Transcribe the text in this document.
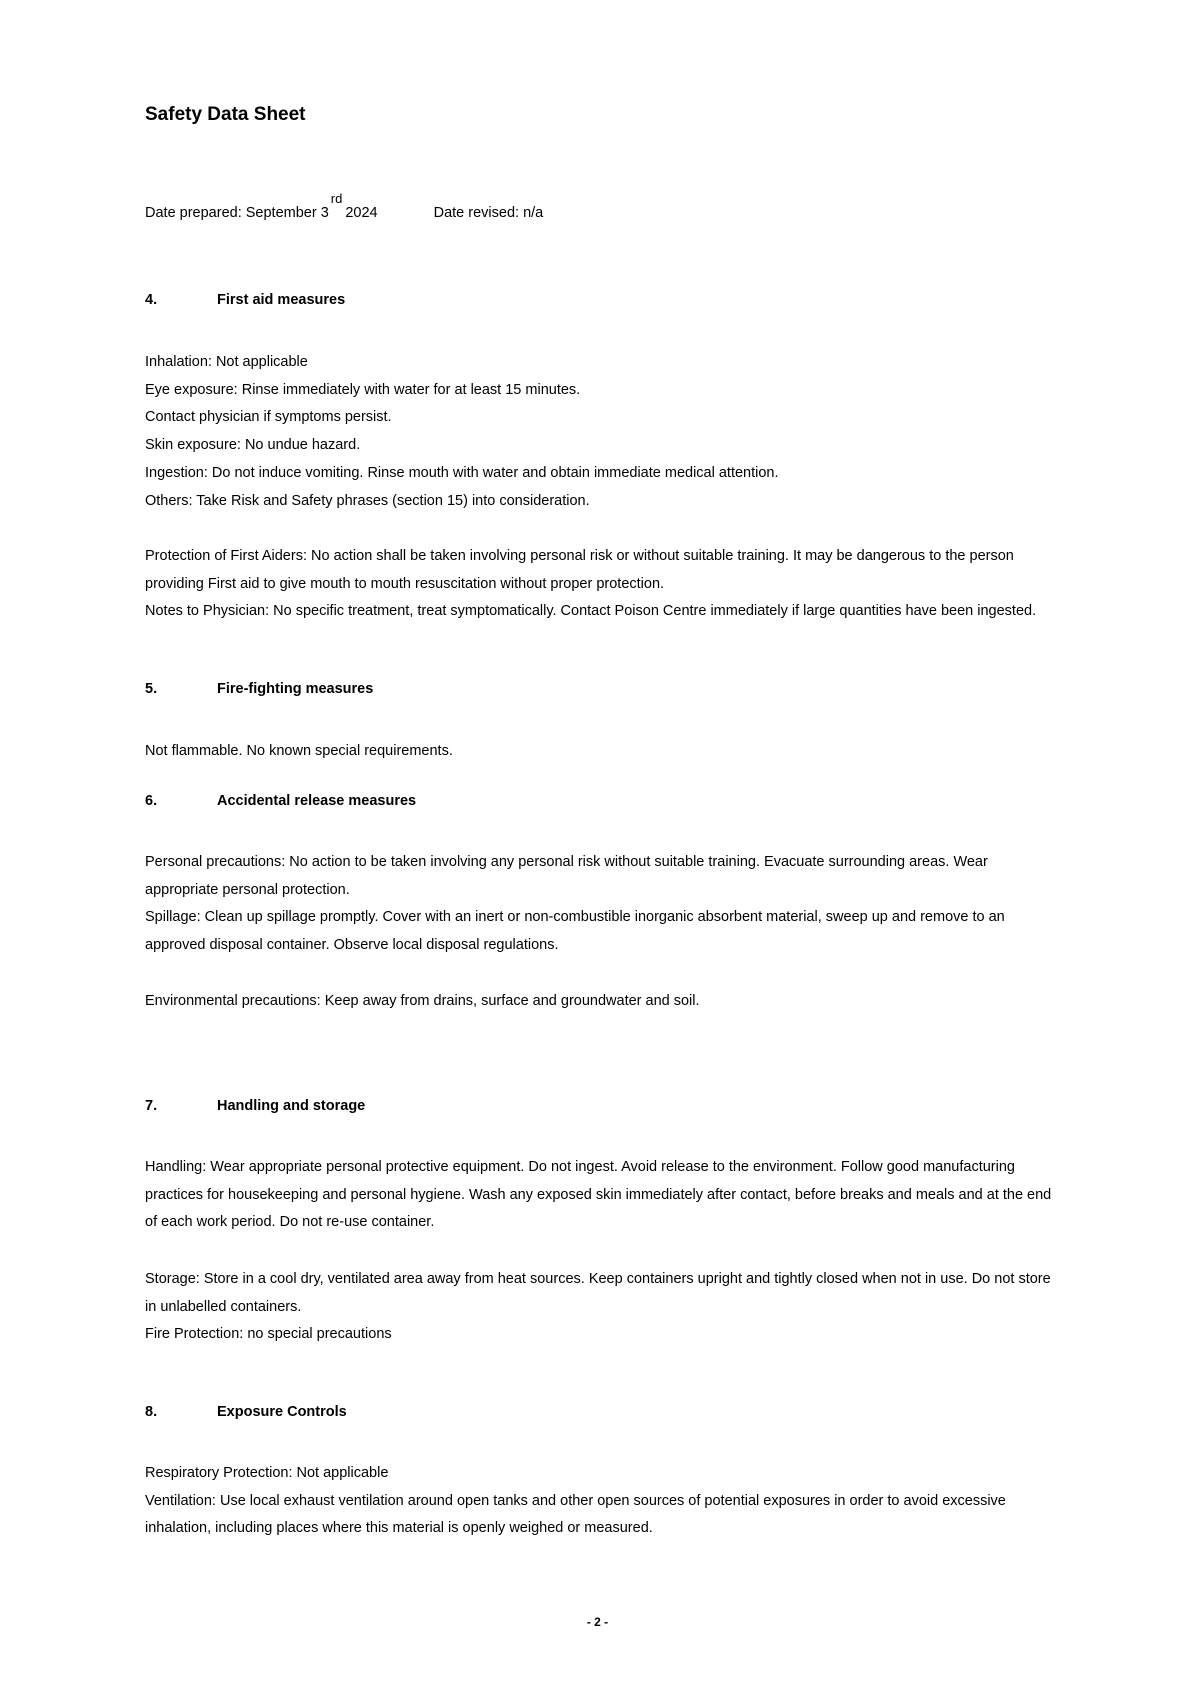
Safety Data Sheet
Date prepared: September 3rd2024	Date revised: n/a
4.	First aid measures

Inhalation: Not applicable

Eye exposure: Rinse immediately with water for at least 15 minutes.

Contact physician if symptoms persist.

Skin exposure: No undue hazard.

Ingestion: Do not induce vomiting. Rinse mouth with water and obtain immediate medical attention.

Others: Take Risk and Safety phrases (section 15) into consideration.

Protection of First Aiders: No action shall be taken involving personal risk or without suitable training. It may be dangerous to the person providing First aid to give mouth to mouth resuscitation without proper protection.

Notes to Physician: No specific treatment, treat symptomatically. Contact Poison Centre immediately if large quantities have been ingested.

5.	Fire-fighting measures

Not flammable. No known special requirements.

6.	Accidental release measures

Personal precautions: No action to be taken involving any personal risk without suitable training. Evacuate surrounding areas. Wear appropriate personal protection.

Spillage: Clean up spillage promptly. Cover with an inert or non-combustible inorganic absorbent material, sweep up and remove to an approved disposal container. Observe local disposal regulations.

Environmental precautions: Keep away from drains, surface and groundwater and soil.

7.	Handling and storage

Handling: Wear appropriate personal protective equipment. Do not ingest. Avoid release to the environment. Follow good manufacturing practices for housekeeping and personal hygiene. Wash any exposed skin immediately after contact, before breaks and meals and at the end of each work period. Do not re-use container.

Storage: Store in a cool dry, ventilated area away from heat sources. Keep containers upright and tightly closed when not in use. Do not store in unlabelled containers.

Fire Protection: no special precautions

8.	Exposure Controls

Respiratory Protection: Not applicable

Ventilation: Use local exhaust ventilation around open tanks and other open sources of potential exposures in order to avoid excessive inhalation, including places where this material is openly weighed or measured.

- 2 -
